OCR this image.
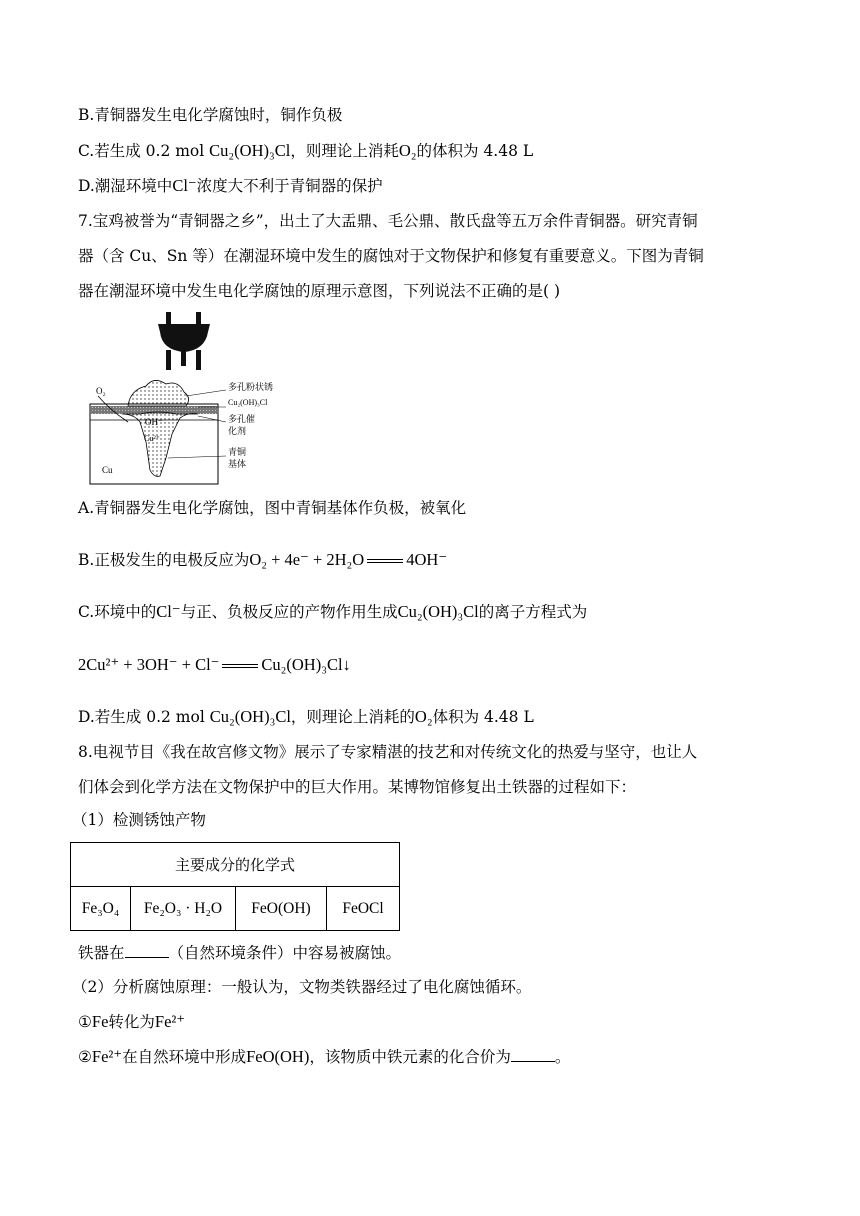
B.青铜器发生电化学腐蚀时，铜作负极
C.若生成 0.2 mol Cu₂(OH)₃Cl，则理论上消耗O₂的体积为 4.48 L
D.潮湿环境中Cl⁻浓度大不利于青铜器的保护
7.宝鸡被誉为“青铜器之乡”，出土了大盂鼎、毛公鼎、散氏盘等五万余件青铜器。研究青铜
器（含 Cu、Sn 等）在潮湿环境中发生的腐蚀对于文物保护和修复有重要意义。下图为青铜
器在潮湿环境中发生电化学腐蚀的原理示意图，下列说法不正确的是( )
O₂
OH⁻
Cu²⁺
Cu
多孔粉状锈
Cu₂(OH)₃Cl
多孔催
化剂
青铜
基体
A.青铜器发生电化学腐蚀，图中青铜基体作负极，被氧化
B.正极发生的电极反应为O₂ + 4e⁻ + 2H₂O	4OH⁻
C.环境中的Cl⁻与正、负极反应的产物作用生成Cu₂(OH)₃Cl的离子方程式为
2Cu²⁺ + 3OH⁻ + Cl⁻	Cu₂(OH)₃Cl↓
D.若生成 0.2 mol Cu₂(OH)₃Cl，则理论上消耗的O₂体积为 4.48 L
8.电视节目《我在故宫修文物》展示了专家精湛的技艺和对传统文化的热爱与坚守，也让人
们体会到化学方法在文物保护中的巨大作用。某博物馆修复出土铁器的过程如下：
（1）检测锈蚀产物
主要成分的化学式
Fe₃O₄	Fe₂O₃ · H₂O	FeO(OH)	FeOCl
铁器在	（自然环境条件）中容易被腐蚀。
（2）分析腐蚀原理：一般认为，文物类铁器经过了电化腐蚀循环。
①Fe转化为Fe²⁺
②Fe²⁺在自然环境中形成FeO(OH)，该物质中铁元素的化合价为	。
